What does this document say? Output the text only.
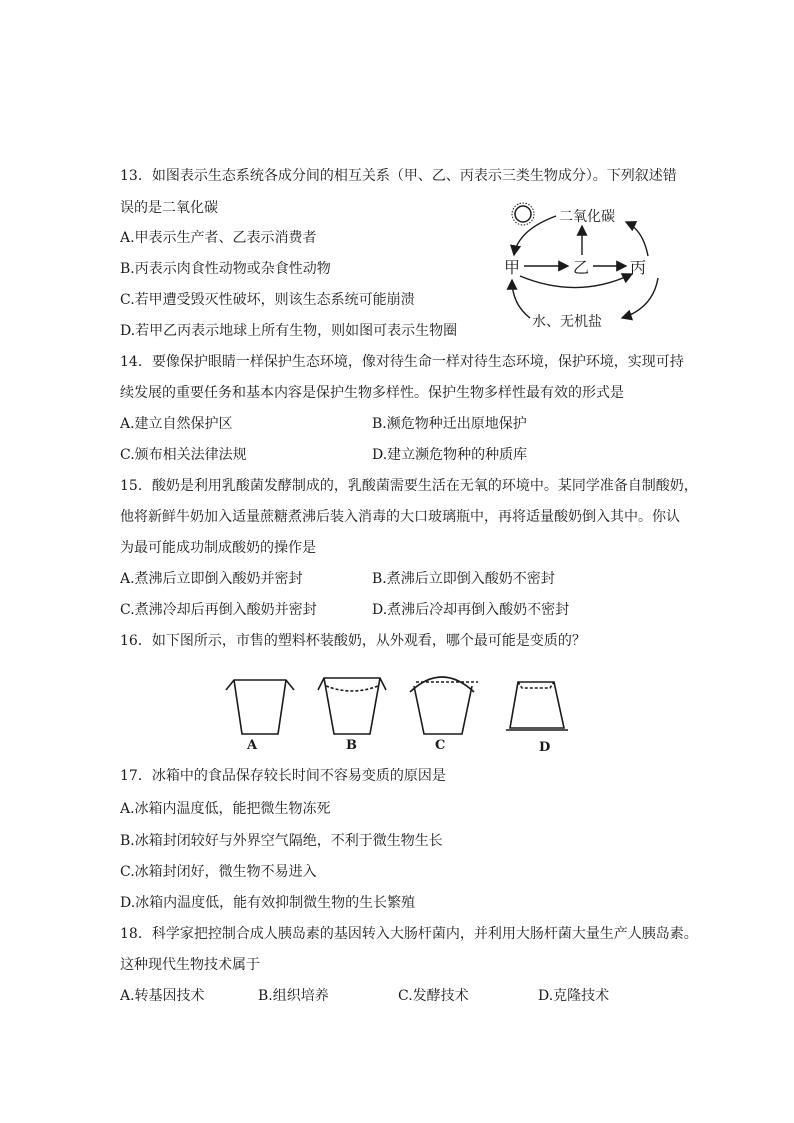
13．如图表示生态系统各成分间的相互关系（甲、乙、丙表示三类生物成分）。下列叙述错
误的是二氧化碳
A.甲表示生产者、乙表示消费者
B.丙表示肉食性动物或杂食性动物
C.若甲遭受毁灭性破坏，则该生态系统可能崩溃
D.若甲乙丙表示地球上所有生物，则如图可表示生物圈
二氧化碳
甲	乙	丙
水、无机盐
14．要像保护眼睛一样保护生态环境，像对待生命一样对待生态环境，保护环境，实现可持
续发展的重要任务和基本内容是保护生物多样性。保护生物多样性最有效的形式是
A.建立自然保护区	B.濒危物种迁出原地保护
C.颁布相关法律法规	D.建立濒危物种的种质库
15．酸奶是利用乳酸菌发酵制成的，乳酸菌需要生活在无氧的环境中。某同学准备自制酸奶，
他将新鲜牛奶加入适量蔗糖煮沸后装入消毒的大口玻璃瓶中，再将适量酸奶倒入其中。你认
为最可能成功制成酸奶的操作是
A.煮沸后立即倒入酸奶并密封	B.煮沸后立即倒入酸奶不密封
C.煮沸冷却后再倒入酸奶并密封	D.煮沸后冷却再倒入酸奶不密封
16．如下图所示，市售的塑料杯装酸奶，从外观看，哪个最可能是变质的？
A	B	C	D
17．冰箱中的食品保存较长时间不容易变质的原因是
A.冰箱内温度低，能把微生物冻死
B.冰箱封闭较好与外界空气隔绝，不利于微生物生长
C.冰箱封闭好，微生物不易进入
D.冰箱内温度低，能有效抑制微生物的生长繁殖
18．科学家把控制合成人胰岛素的基因转入大肠杆菌内，并利用大肠杆菌大量生产人胰岛素。
这种现代生物技术属于
A.转基因技术	B.组织培养	C.发酵技术	D.克隆技术
